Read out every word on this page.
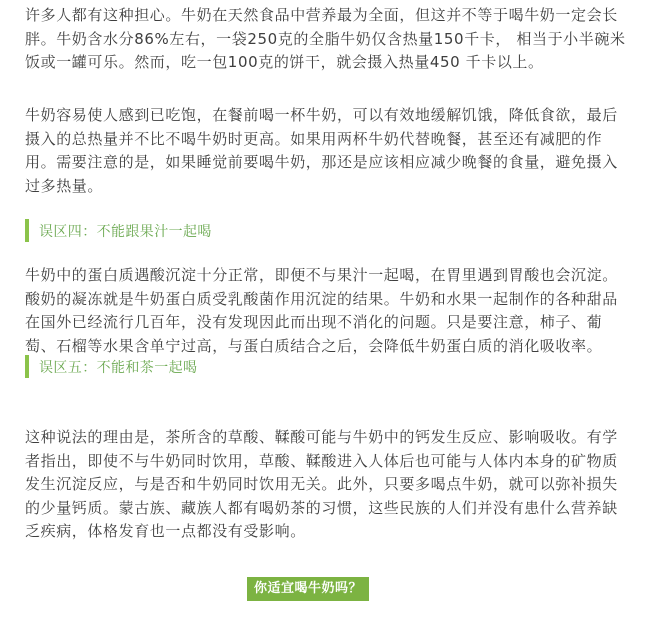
许多人都有这种担心。牛奶在天然食品中营养最为全面，但这并不等于喝牛奶一定会长
胖。牛奶含水分86%左右，一袋250克的全脂牛奶仅含热量150千卡， 相当于小半碗米
饭或一罐可乐。然而，吃一包100克的饼干，就会摄入热量450 千卡以上。
牛奶容易使人感到已吃饱，在餐前喝一杯牛奶，可以有效地缓解饥饿，降低食欲，最后
摄入的总热量并不比不喝牛奶时更高。如果用两杯牛奶代替晚餐，甚至还有减肥的作
用。需要注意的是，如果睡觉前要喝牛奶，那还是应该相应减少晚餐的食量，避免摄入
过多热量。
误区四：不能跟果汁一起喝
牛奶中的蛋白质遇酸沉淀十分正常，即便不与果汁一起喝，在胃里遇到胃酸也会沉淀。
酸奶的凝冻就是牛奶蛋白质受乳酸菌作用沉淀的结果。牛奶和水果一起制作的各种甜品
在国外已经流行几百年，没有发现因此而出现不消化的问题。只是要注意，柿子、葡
萄、石榴等水果含单宁过高，与蛋白质结合之后，会降低牛奶蛋白质的消化吸收率。
误区五：不能和茶一起喝
这种说法的理由是，茶所含的草酸、鞣酸可能与牛奶中的钙发生反应、影响吸收。有学
者指出，即使不与牛奶同时饮用，草酸、鞣酸进入人体后也可能与人体内本身的矿物质
发生沉淀反应，与是否和牛奶同时饮用无关。此外，只要多喝点牛奶，就可以弥补损失
的少量钙质。蒙古族、藏族人都有喝奶茶的习惯，这些民族的人们并没有患什么营养缺
乏疾病，体格发育也一点都没有受影响。
你适宜喝牛奶吗？
